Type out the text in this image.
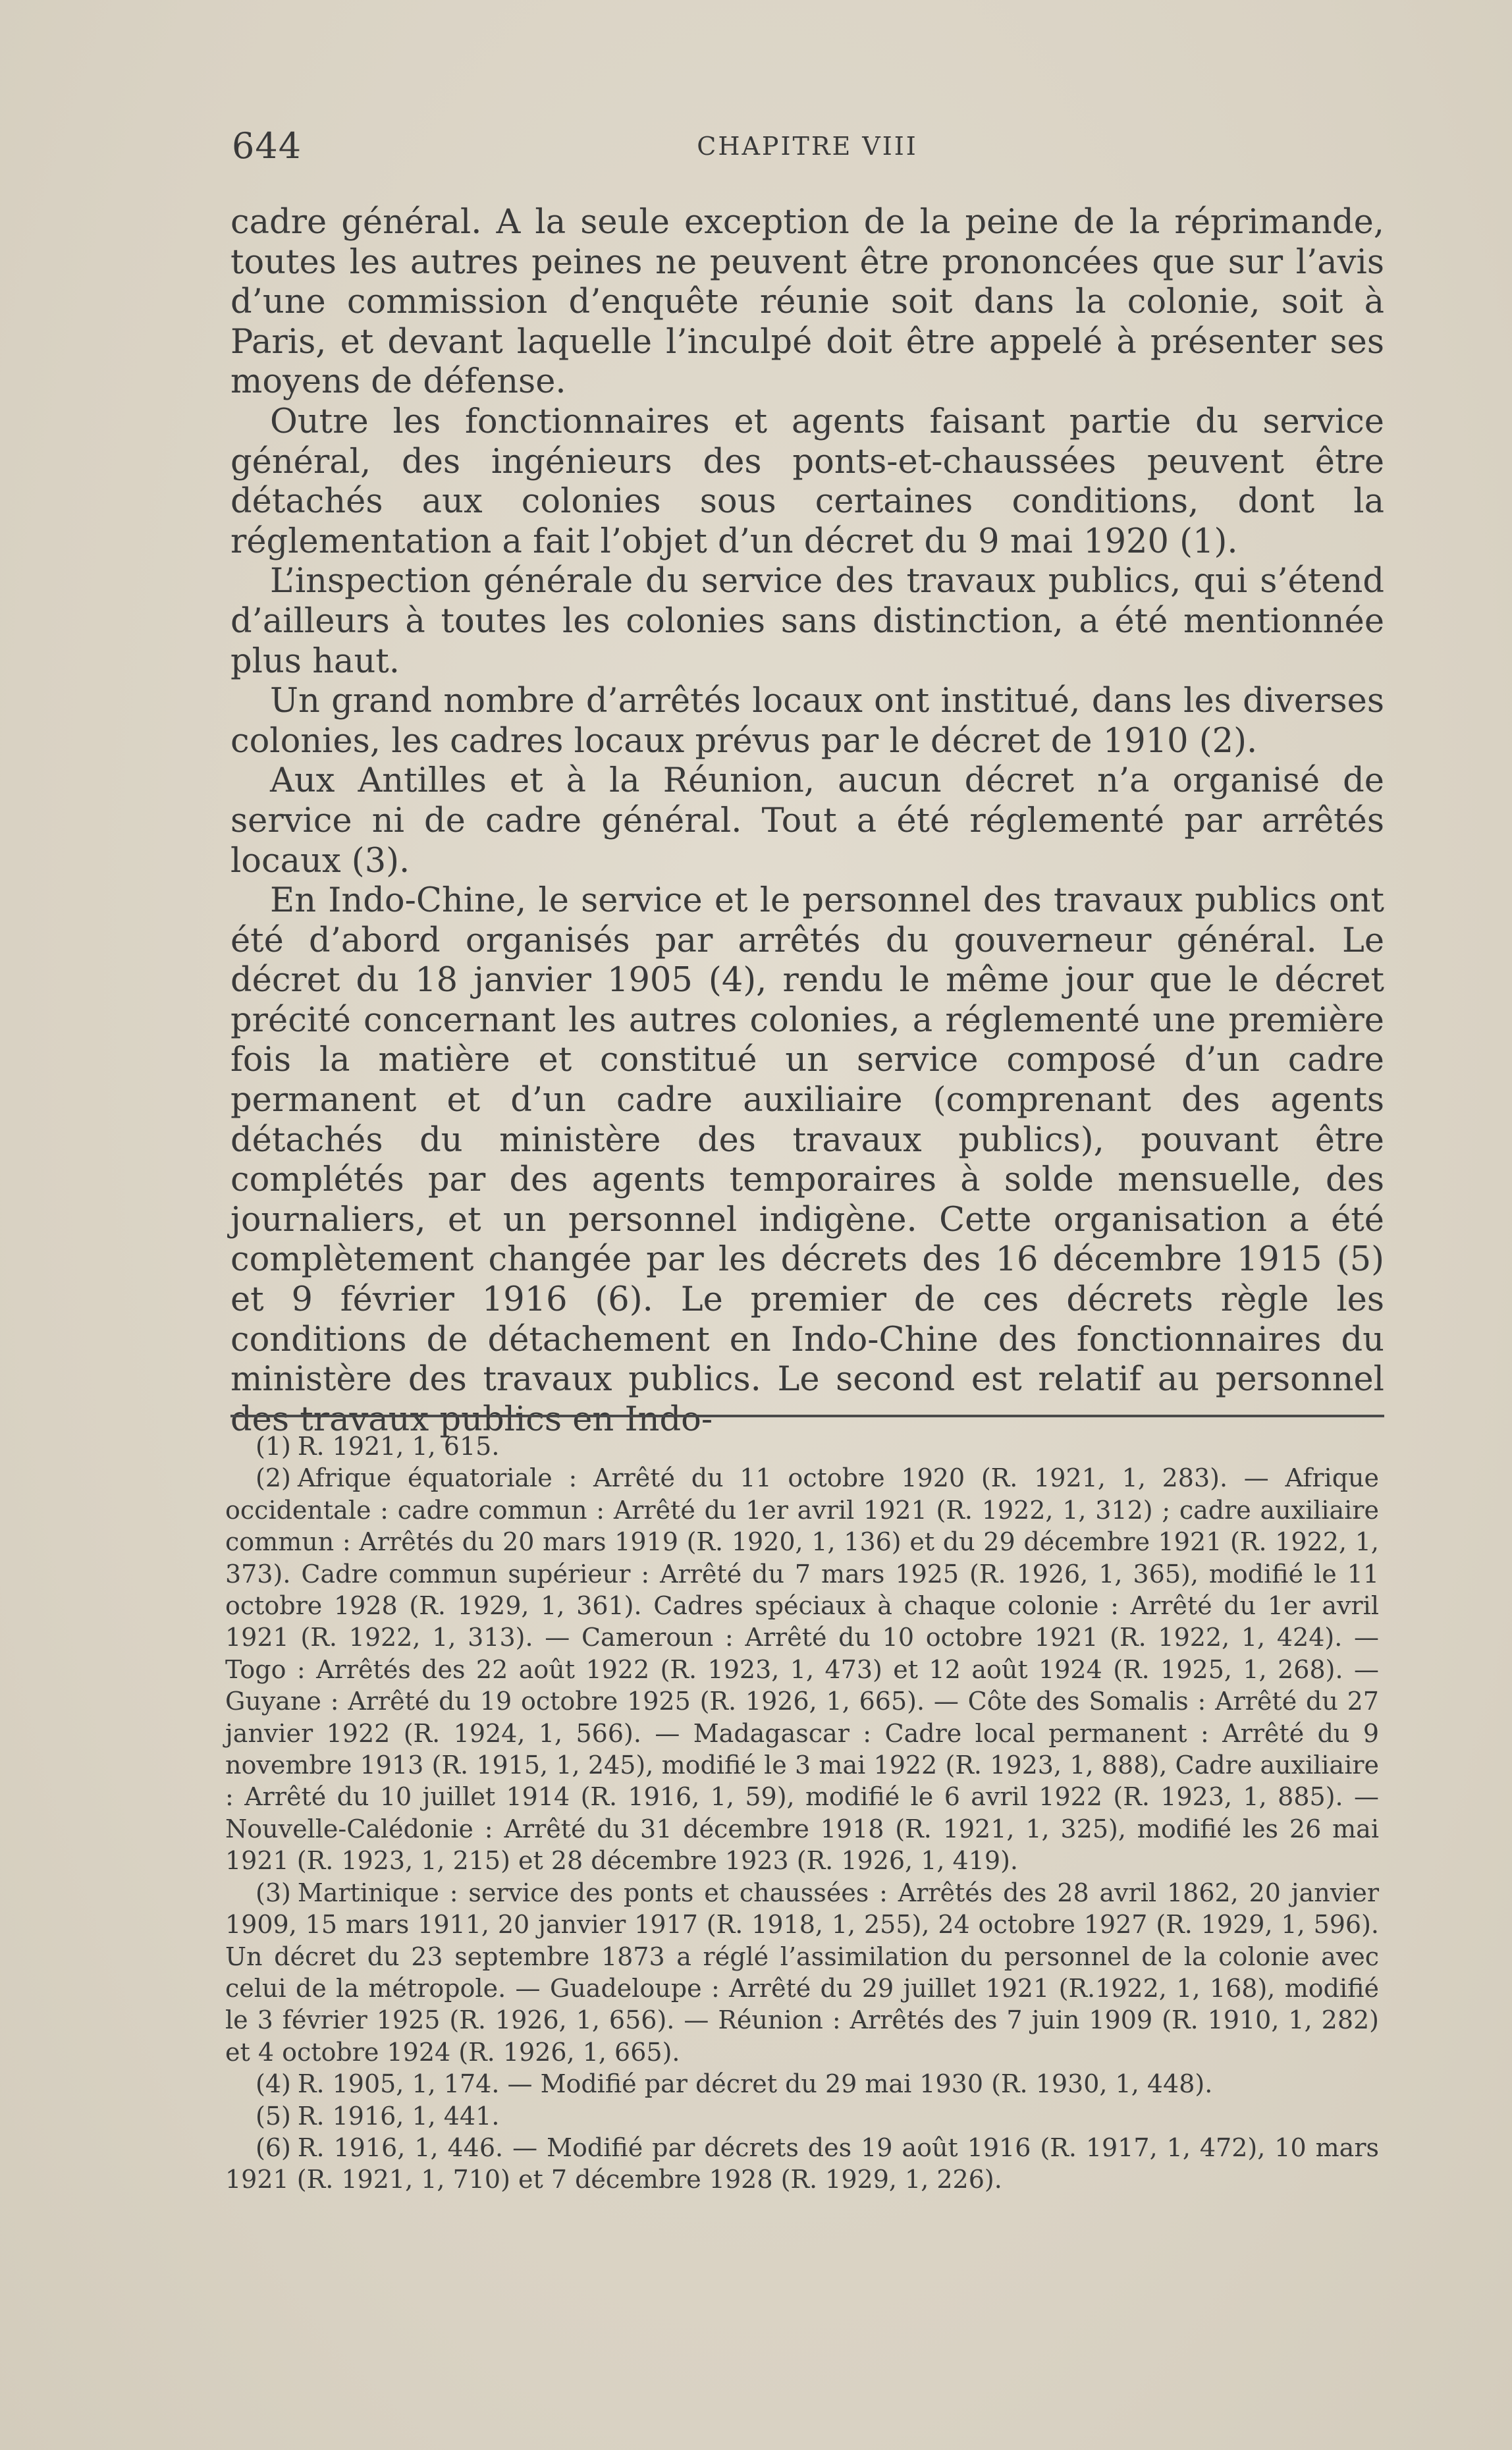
644	CHAPITRE VIII

cadre général. A la seule exception de la peine de la réprimande, toutes les autres peines ne peuvent être prononcées que sur l’avis d’une commission d’enquête réunie soit dans la colonie, soit à Paris, et devant laquelle l’inculpé doit être appelé à présenter ses moyens de défense.

Outre les fonctionnaires et agents faisant partie du service général, des ingénieurs des ponts-et-chaussées peuvent être détachés aux colonies sous certaines conditions, dont la réglementation a fait l’objet d’un décret du 9 mai 1920 (1).

L’inspection générale du service des travaux publics, qui s’étend d’ailleurs à toutes les colonies sans distinction, a été mentionnée plus haut.

Un grand nombre d’arrêtés locaux ont institué, dans les diverses colonies, les cadres locaux prévus par le décret de 1910 (2).

Aux Antilles et à la Réunion, aucun décret n’a organisé de service ni de cadre général. Tout a été réglementé par arrêtés locaux (3).

En Indo-Chine, le service et le personnel des travaux publics ont été d’abord organisés par arrêtés du gouverneur général. Le décret du 18 janvier 1905 (4), rendu le même jour que le décret précité concernant les autres colonies, a réglementé une première fois la matière et constitué un service composé d’un cadre permanent et d’un cadre auxiliaire (comprenant des agents détachés du ministère des travaux publics), pouvant être complétés par des agents temporaires à solde mensuelle, des journaliers, et un personnel indigène. Cette organisation a été complètement changée par les décrets des 16 décembre 1915 (5) et 9 février 1916 (6). Le premier de ces décrets règle les conditions de détachement en Indo-Chine des fonctionnaires du ministère des travaux publics. Le second est relatif au personnel des travaux publics en Indo-

(1) R. 1921, 1, 615.

(2) Afrique équatoriale : Arrêté du 11 octobre 1920 (R. 1921, 1, 283). — Afrique occidentale : cadre commun : Arrêté du 1er avril 1921 (R. 1922, 1, 312) ; cadre auxiliaire commun : Arrêtés du 20 mars 1919 (R. 1920, 1, 136) et du 29 décembre 1921 (R. 1922, 1, 373). Cadre commun supérieur : Arrêté du 7 mars 1925 (R. 1926, 1, 365), modifié le 11 octobre 1928 (R. 1929, 1, 361). Cadres spéciaux à chaque colonie : Arrêté du 1er avril 1921 (R. 1922, 1, 313). — Cameroun : Arrêté du 10 octobre 1921 (R. 1922, 1, 424). — Togo : Arrêtés des 22 août 1922 (R. 1923, 1, 473) et 12 août 1924 (R. 1925, 1, 268). — Guyane : Arrêté du 19 octobre 1925 (R. 1926, 1, 665). — Côte des Somalis : Arrêté du 27 janvier 1922 (R. 1924, 1, 566). — Madagascar : Cadre local permanent : Arrêté du 9 novembre 1913 (R. 1915, 1, 245), modifié le 3 mai 1922 (R. 1923, 1, 888), Cadre auxiliaire : Arrêté du 10 juillet 1914 (R. 1916, 1, 59), modifié le 6 avril 1922 (R. 1923, 1, 885). — Nouvelle-Calédonie : Arrêté du 31 décembre 1918 (R. 1921, 1, 325), modifié les 26 mai 1921 (R. 1923, 1, 215) et 28 décembre 1923 (R. 1926, 1, 419).

(3) Martinique : service des ponts et chaussées : Arrêtés des 28 avril 1862, 20 janvier 1909, 15 mars 1911, 20 janvier 1917 (R. 1918, 1, 255), 24 octobre 1927 (R. 1929, 1, 596). Un décret du 23 septembre 1873 a réglé l’assimilation du personnel de la colonie avec celui de la métropole. — Guadeloupe : Arrêté du 29 juillet 1921 (R.1922, 1, 168), modifié le 3 février 1925 (R. 1926, 1, 656). — Réunion : Arrêtés des 7 juin 1909 (R. 1910, 1, 282) et 4 octobre 1924 (R. 1926, 1, 665).

(4) R. 1905, 1, 174. — Modifié par décret du 29 mai 1930 (R. 1930, 1, 448).

(5) R. 1916, 1, 441.

(6) R. 1916, 1, 446. — Modifié par décrets des 19 août 1916 (R. 1917, 1, 472), 10 mars 1921 (R. 1921, 1, 710) et 7 décembre 1928 (R. 1929, 1, 226).
